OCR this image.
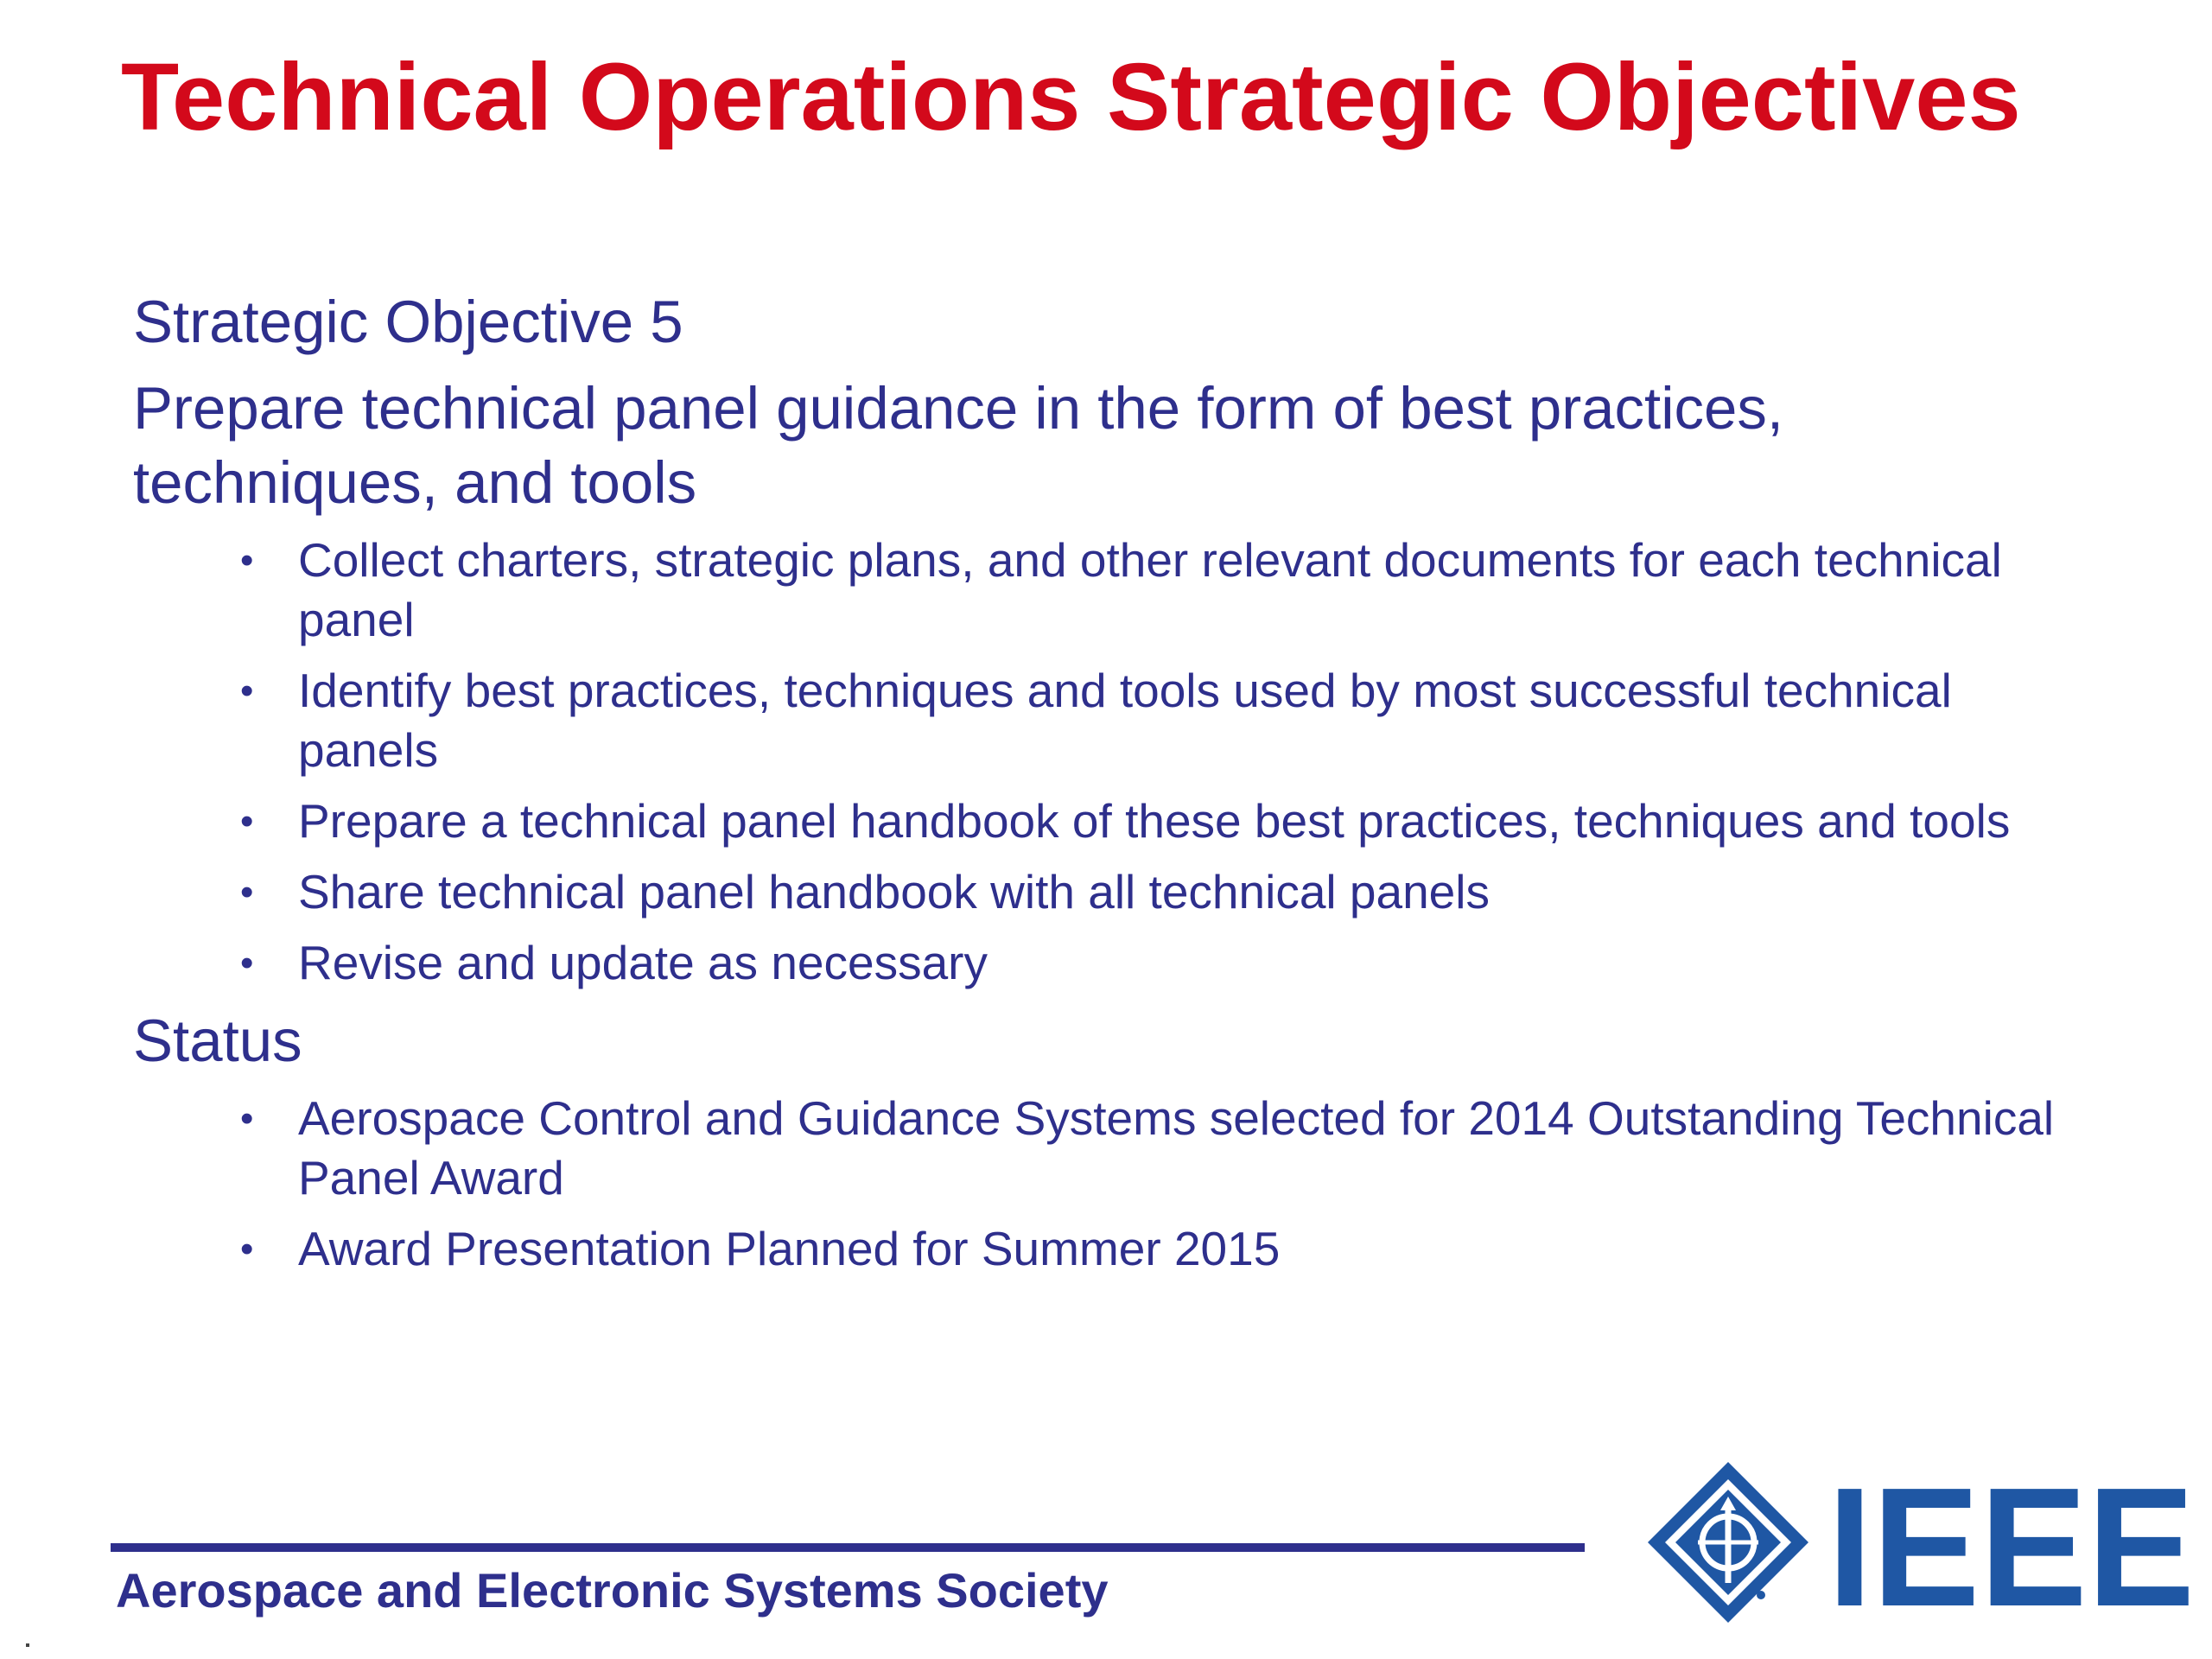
Technical Operations Strategic Objectives

Strategic Objective 5

Prepare technical panel guidance in the form of best practices, techniques, and tools

• Collect charters, strategic plans, and other relevant documents for each technical panel
• Identify best practices, techniques and tools used by most successful technical panels
• Prepare a technical panel handbook of these best practices, techniques and tools
• Share technical panel handbook with all technical panels
• Revise and update as necessary

Status

• Aerospace Control and Guidance Systems selected for 2014 Outstanding Technical Panel Award
• Award Presentation Planned for Summer 2015
Aerospace and Electronic Systems Society	IEEE
